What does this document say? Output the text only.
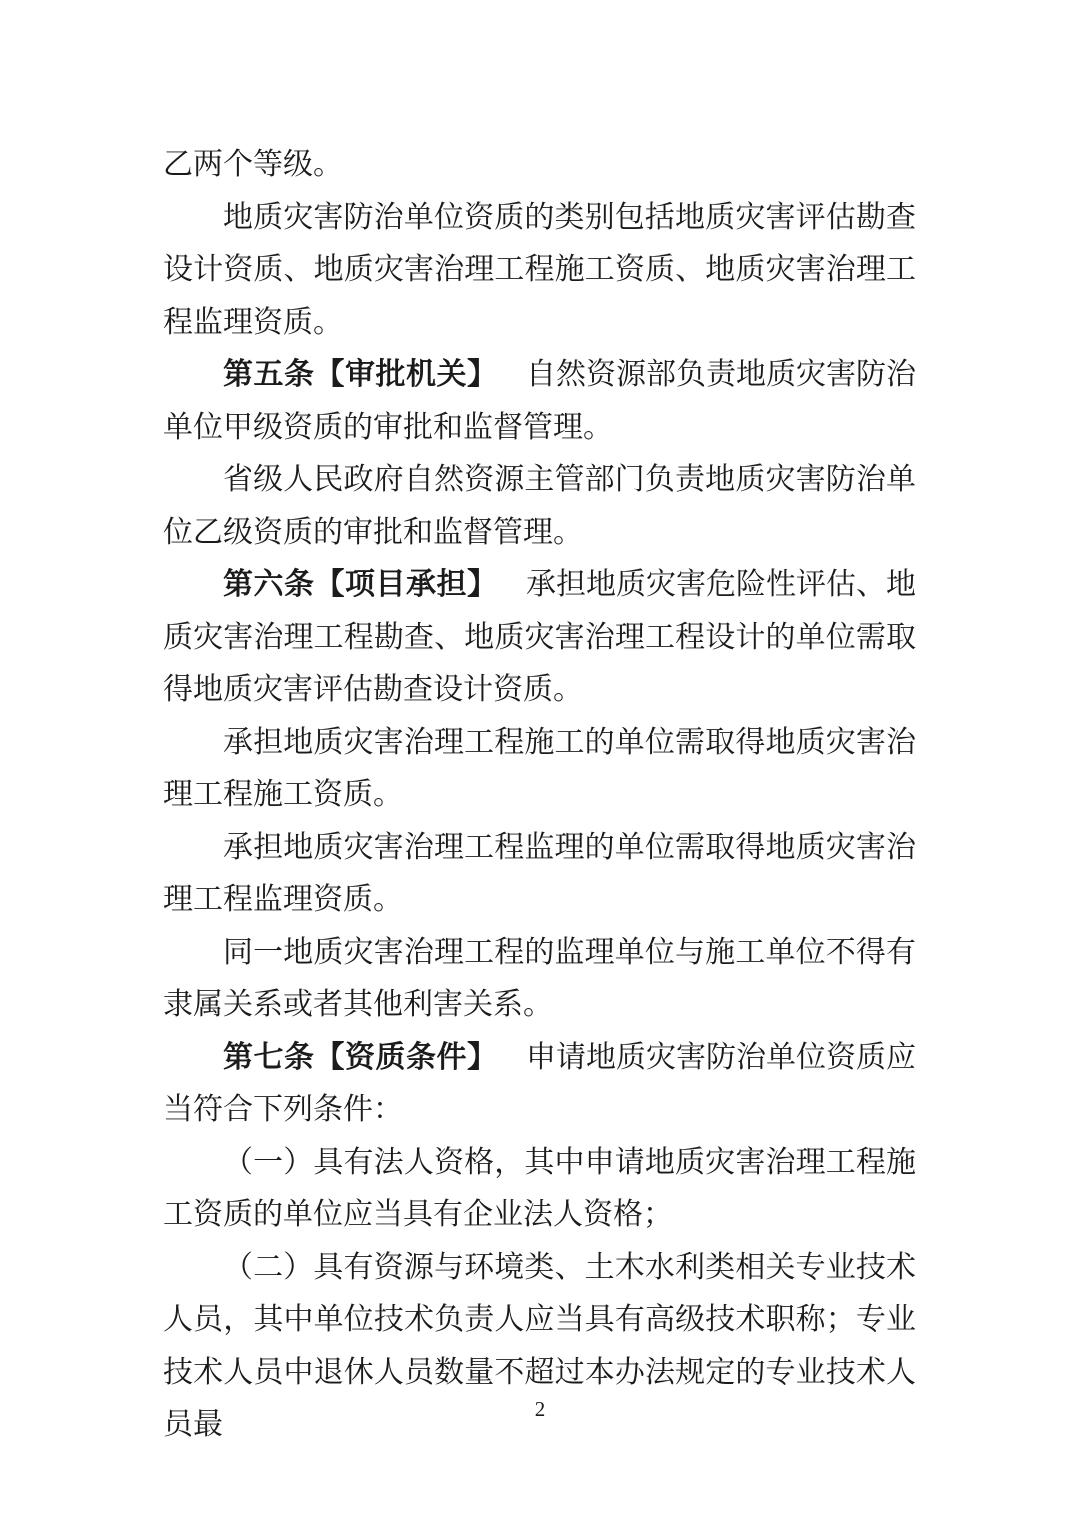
乙两个等级。

地质灾害防治单位资质的类别包括地质灾害评估勘查设计资质、地质灾害治理工程施工资质、地质灾害治理工程监理资质。

第五条【审批机关】 自然资源部负责地质灾害防治单位甲级资质的审批和监督管理。

省级人民政府自然资源主管部门负责地质灾害防治单位乙级资质的审批和监督管理。

第六条【项目承担】 承担地质灾害危险性评估、地质灾害治理工程勘查、地质灾害治理工程设计的单位需取得地质灾害评估勘查设计资质。

承担地质灾害治理工程施工的单位需取得地质灾害治理工程施工资质。

承担地质灾害治理工程监理的单位需取得地质灾害治理工程监理资质。

同一地质灾害治理工程的监理单位与施工单位不得有隶属关系或者其他利害关系。

第七条【资质条件】 申请地质灾害防治单位资质应当符合下列条件：

（一）具有法人资格，其中申请地质灾害治理工程施工资质的单位应当具有企业法人资格；

（二）具有资源与环境类、土木水利类相关专业技术人员，其中单位技术负责人应当具有高级技术职称；专业技术人员中退休人员数量不超过本办法规定的专业技术人员最	2
